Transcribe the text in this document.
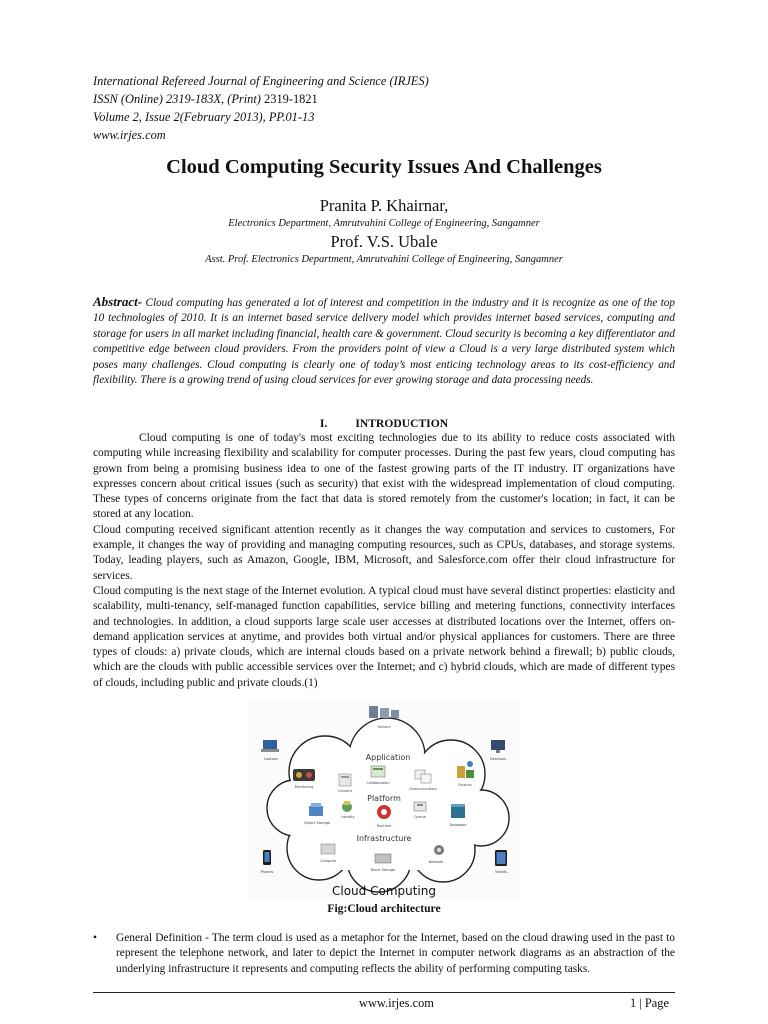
International Refereed Journal of Engineering and Science (IRJES)
ISSN (Online) 2319-183X, (Print) 2319-1821
Volume 2, Issue 2(February 2013), PP.01-13
www.irjes.com
Cloud Computing Security Issues And Challenges
Pranita P. Khairnar,
Electronics Department, Amrutvahini College of Engineering, Sangamner
Prof. V.S. Ubale
Asst. Prof. Electronics Department, Amrutvahini College of Engineering, Sangamner
Abstract- Cloud computing has generated a lot of interest and competition in the industry and it is recognize as one of the top 10 technologies of 2010. It is an internet based service delivery model which provides internet based services, computing and storage for users in all market including financial, health care & government. Cloud security is becoming a key differentiator and competitive edge between cloud providers. From the providers point of view a Cloud is a very large distributed system which poses many challenges. Cloud computing is clearly one of today’s most enticing technology areas to its cost-efficiency and flexibility. There is a growing trend of using cloud services for ever growing storage and data processing needs.
I. INTRODUCTION

Cloud computing is one of today's most exciting technologies due to its ability to reduce costs associated with computing while increasing flexibility and scalability for computer processes. During the past few years, cloud computing has grown from being a promising business idea to one of the fastest growing parts of the IT industry. IT organizations have expresses concern about critical issues (such as security) that exist with the widespread implementation of cloud computing. These types of concerns originate from the fact that data is stored remotely from the customer's location; in fact, it can be stored at any location.

Cloud computing received significant attention recently as it changes the way computation and services to customers, For example, it changes the way of providing and managing computing resources, such as CPUs, databases, and storage systems. Today, leading players, such as Amazon, Google, IBM, Microsoft, and Salesforce.com offer their cloud infrastructure for services.

Cloud computing is the next stage of the Internet evolution. A typical cloud must have several distinct properties: elasticity and scalability, multi-tenancy, self-managed function capabilities, service billing and metering functions, connectivity interfaces and technologies. In addition, a cloud supports large scale user accesses at distributed locations over the Internet, offers on-demand application services at anytime, and provides both virtual and/or physical appliances for customers. There are three types of clouds: a) private clouds, which are internal clouds based on a private network behind a firewall; b) public clouds, which are the clouds with public accessible services over the Internet; and c) hybrid clouds, which are made of different types of clouds, including public and private clouds.(1)

Application
Platform
Infrastructure
Servers
Laptops	Desktops
Phones	Tablets
Monitoring
Content
Collaboration
Communication
Finance
Object Storage
Identity
Runtime
Queue
Database
Compute
Block Storage
Network
Cloud Computing
Fig:Cloud architecture
• General Definition - The term cloud is used as a metaphor for the Internet, based on the cloud drawing used in the past to represent the telephone network, and later to depict the Internet in computer network diagrams as an abstraction of the underlying infrastructure it represents and computing reflects the ability of performing computing tasks.
www.irjes.com	1 | Page
